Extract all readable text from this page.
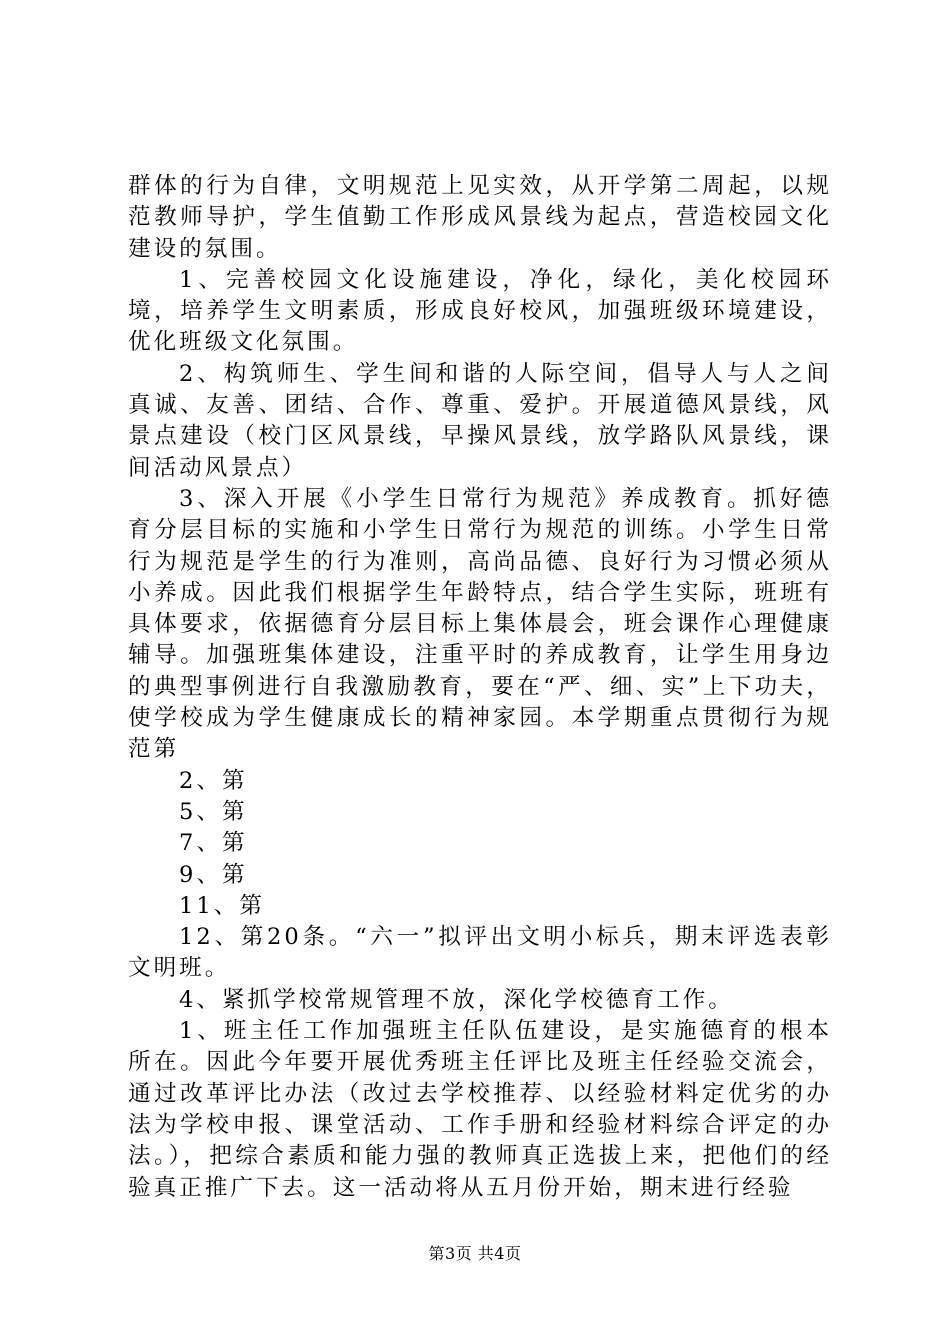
群体的行为自律，文明规范上见实效，从开学第二周起，以规范教师导护，学生值勤工作形成风景线为起点，营造校园文化建设的氛围。

1、完善校园文化设施建设，净化，绿化，美化校园环境，培养学生文明素质，形成良好校风，加强班级环境建设，优化班级文化氛围。

2、构筑师生、学生间和谐的人际空间，倡导人与人之间真诚、友善、团结、合作、尊重、爱护。开展道德风景线，风景点建设（校门区风景线，早操风景线，放学路队风景线，课间活动风景点）

3、深入开展《小学生日常行为规范》养成教育。抓好德育分层目标的实施和小学生日常行为规范的训练。小学生日常行为规范是学生的行为准则，高尚品德、良好行为习惯必须从小养成。因此我们根据学生年龄特点，结合学生实际，班班有具体要求，依据德育分层目标上集体晨会，班会课作心理健康辅导。加强班集体建设，注重平时的养成教育，让学生用身边的典型事例进行自我激励教育，要在“严、细、实”上下功夫，使学校成为学生健康成长的精神家园。本学期重点贯彻行为规范第

2、第

5、第

7、第

9、第

11、第

12、第20条。“六一”拟评出文明小标兵，期末评选表彰文明班。

4、紧抓学校常规管理不放，深化学校德育工作。

1、班主任工作加强班主任队伍建设，是实施德育的根本所在。因此今年要开展优秀班主任评比及班主任经验交流会，通过改革评比办法（改过去学校推荐、以经验材料定优劣的办法为学校申报、课堂活动、工作手册和经验材料综合评定的办法。），把综合素质和能力强的教师真正选拔上来，把他们的经验真正推广下去。这一活动将从五月份开始，期末进行经验

第3页 共4页
